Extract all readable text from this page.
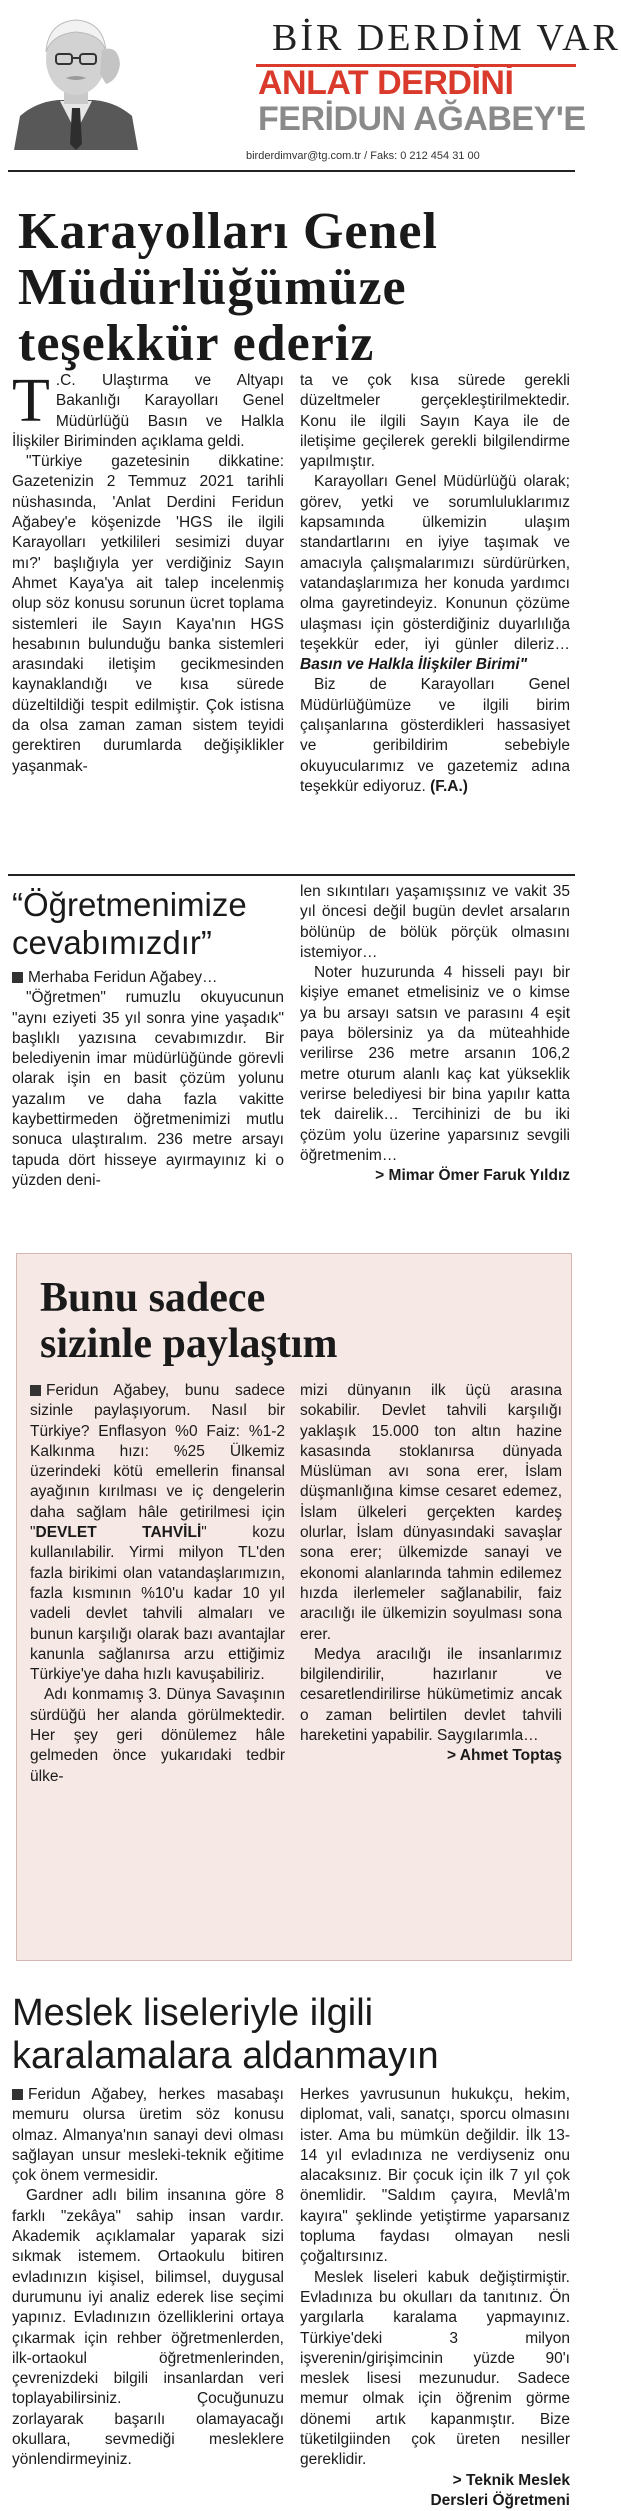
BİR DERDİM VAR
ANLAT DERDİNİ
FERİDUN AĞABEY'E
birderdimvar@tg.com.tr / Faks: 0 212 454 31 00
Karayolları Genel
Müdürlüğümüze
teşekkür ederiz

T .C. Ulaştırma ve Altyapı Bakanlığı Karayolları Genel Müdürlüğü Basın ve Halkla İlişkiler Biriminden açıklama geldi.

"Türkiye gazetesinin dikkatine: Gazetenizin 2 Temmuz 2021 tarihli nüshasında, 'Anlat Derdini Feridun Ağabey'e köşenizde 'HGS ile ilgili Karayolları yetkilileri sesimizi duyar mı?' başlığıyla yer verdiğiniz Sayın Ahmet Kaya'ya ait talep incelenmiş olup söz konusu sorunun ücret toplama sistemleri ile Sayın Kaya'nın HGS hesabının bulunduğu banka sistemleri arasındaki iletişim gecikmesinden kaynaklandığı ve kısa sürede düzeltildiği tespit edilmiştir. Çok istisna da olsa zaman zaman sistem teyidi gerektiren durumlarda değişiklikler yaşanmak-

ta ve çok kısa sürede gerekli düzeltmeler gerçekleştirilmektedir. Konu ile ilgili Sayın Kaya ile de iletişime geçilerek gerekli bilgilendirme yapılmıştır.

Karayolları Genel Müdürlüğü olarak; görev, yetki ve sorumluluklarımız kapsamında ülkemizin ulaşım standartlarını en iyiye taşımak ve amacıyla çalışmalarımızı sürdürürken, vatandaşlarımıza her konuda yardımcı olma gayretindeyiz. Konunun çözüme ulaşması için gösterdiğiniz duyarlılığa teşekkür eder, iyi günler dileriz… Basın ve Halkla İlişkiler Birimi"

Biz de Karayolları Genel Müdürlüğümüze ve ilgili birim çalışanlarına gösterdikleri hassasiyet ve geribildirim sebebiyle okuyucularımız ve gazetemiz adına teşekkür ediyoruz. (F.A.)

“Öğretmenimize
cevabımızdır”

Merhaba Feridun Ağabey…

"Öğretmen" rumuzlu okuyucunun "aynı eziyeti 35 yıl sonra yine yaşadık" başlıklı yazısına cevabımızdır. Bir belediyenin imar müdürlüğünde görevli olarak işin en basit çözüm yolunu yazalım ve daha fazla vakitte kaybettirmeden öğretmenimizi mutlu sonuca ulaştıralım. 236 metre arsayı tapuda dört hisseye ayırmayınız ki o yüzden deni-

len sıkıntıları yaşamışsınız ve vakit 35 yıl öncesi değil bugün devlet arsaların bölünüp de bölük pörçük olmasını istemiyor…

Noter huzurunda 4 hisseli payı bir kişiye emanet etmelisiniz ve o kimse ya bu arsayı satsın ve parasını 4 eşit paya bölersiniz ya da müteahhide verilirse 236 metre arsanın 106,2 metre oturum alanlı kaç kat yükseklik verirse belediyesi bir bina yapılır katta tek dairelik… Tercihinizi de bu iki çözüm yolu üzerine yaparsınız sevgili öğretmenim…

> Mimar Ömer Faruk Yıldız

Bunu sadece
sizinle paylaştım

Feridun Ağabey, bunu sadece sizinle paylaşıyorum. Nasıl bir Türkiye? Enflasyon %0 Faiz: %1-2 Kalkınma hızı: %25 Ülkemiz üzerindeki kötü emellerin finansal ayağının kırılması ve iç dengelerin daha sağlam hâle getirilmesi için "DEVLET TAHVİLİ" kozu kullanılabilir. Yirmi milyon TL'den fazla birikimi olan vatandaşlarımızın, fazla kısmının %10'u kadar 10 yıl vadeli devlet tahvili almaları ve bunun karşılığı olarak bazı avantajlar kanunla sağlanırsa arzu ettiğimiz Türkiye'ye daha hızlı kavuşabiliriz.

Adı konmamış 3. Dünya Savaşının sürdüğü her alanda görülmektedir. Her şey geri dönülemez hâle gelmeden önce yukarıdaki tedbir ülke-

mizi dünyanın ilk üçü arasına sokabilir. Devlet tahvili karşılığı yaklaşık 15.000 ton altın hazine kasasında stoklanırsa dünyada Müslüman avı sona erer, İslam düşmanlığına kimse cesaret edemez, İslam ülkeleri gerçekten kardeş olurlar, İslam dünyasındaki savaşlar sona erer; ülkemizde sanayi ve ekonomi alanlarında tahmin edilemez hızda ilerlemeler sağlanabilir, faiz aracılığı ile ülkemizin soyulması sona erer.

Medya aracılığı ile insanlarımız bilgilendirilir, hazırlanır ve cesaretlendirilirse hükümetimiz ancak o zaman belirtilen devlet tahvili hareketini yapabilir. Saygılarımla…

> Ahmet Toptaş

Meslek liseleriyle ilgili
karalamalara aldanmayın

Feridun Ağabey, herkes masabaşı memuru olursa üretim söz konusu olmaz. Almanya'nın sanayi devi olması sağlayan unsur mesleki-teknik eğitime çok önem vermesidir.

Gardner adlı bilim insanına göre 8 farklı "zekâya" sahip insan vardır. Akademik açıklamalar yaparak sizi sıkmak istemem. Ortaokulu bitiren evladınızın kişisel, bilimsel, duygusal durumunu iyi analiz ederek lise seçimi yapınız. Evladınızın özelliklerini ortaya çıkarmak için rehber öğretmenlerden, ilk-ortaokul öğretmenlerinden, çevrenizdeki bilgili insanlardan veri toplayabilirsiniz. Çocuğunuzu zorlayarak başarılı olamayacağı okullara, sevmediği mesleklere yönlendirmeyiniz.

Herkes yavrusunun hukukçu, hekim, diplomat, vali, sanatçı, sporcu olmasını ister. Ama bu mümkün değildir. İlk 13-14 yıl evladınıza ne verdiyseniz onu alacaksınız. Bir çocuk için ilk 7 yıl çok önemlidir. "Saldım çayıra, Mevlâ'm kayıra" şeklinde yetiştirme yaparsanız topluma faydası olmayan nesli çoğaltırsınız.

Meslek liseleri kabuk değiştirmiştir. Evladınıza bu okulları da tanıtınız. Ön yargılarla karalama yapmayınız. Türkiye'deki 3 milyon işverenin/girişimcinin yüzde 90'ı meslek lisesi mezunudur. Sadece memur olmak için öğrenim görme dönemi artık kapanmıştır. Bize tüketilgiinden çok üreten nesiller gereklidir.

> Teknik Meslek

Dersleri Öğretmeni
